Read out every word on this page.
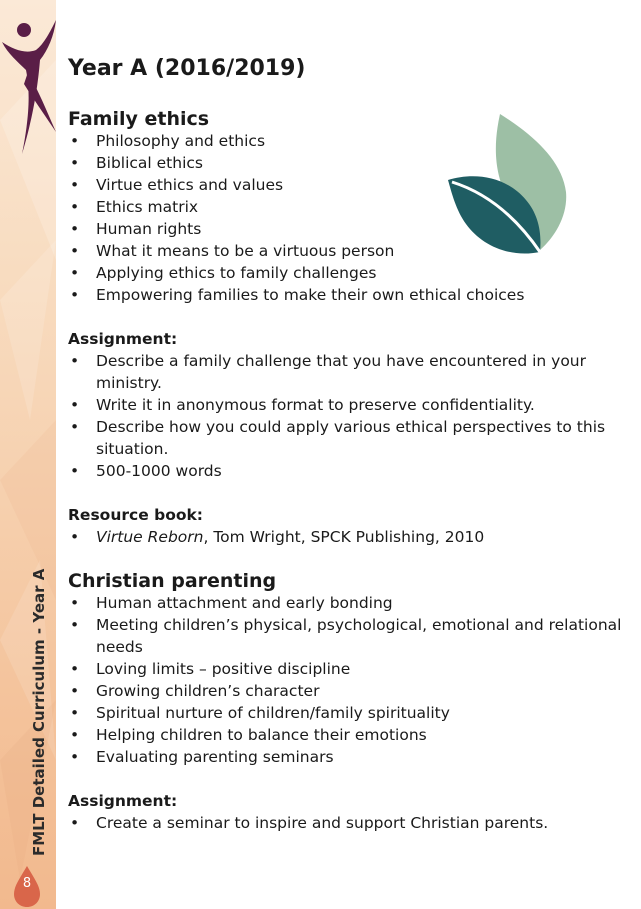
FMLT Detailed Curriculum - Year A
8
Year A (2016/2019)
Family ethics
• Philosophy and ethics
• Biblical ethics
• Virtue ethics and values
• Ethics matrix
• Human rights
• What it means to be a virtuous person
• Applying ethics to family challenges
• Empowering families to make their own ethical choices
Assignment:
• Describe a family challenge that you have encountered in your ministry.
• Write it in anonymous format to preserve confidentiality.
• Describe how you could apply various ethical perspectives to this situation.
• 500-1000 words
Resource book:
• Virtue Reborn, Tom Wright, SPCK Publishing, 2010
Christian parenting
• Human attachment and early bonding
• Meeting children’s physical, psychological, emotional and relational needs
• Loving limits – positive discipline
• Growing children’s character
• Spiritual nurture of children/family spirituality
• Helping children to balance their emotions
• Evaluating parenting seminars
Assignment:
• Create a seminar to inspire and support Christian parents.
